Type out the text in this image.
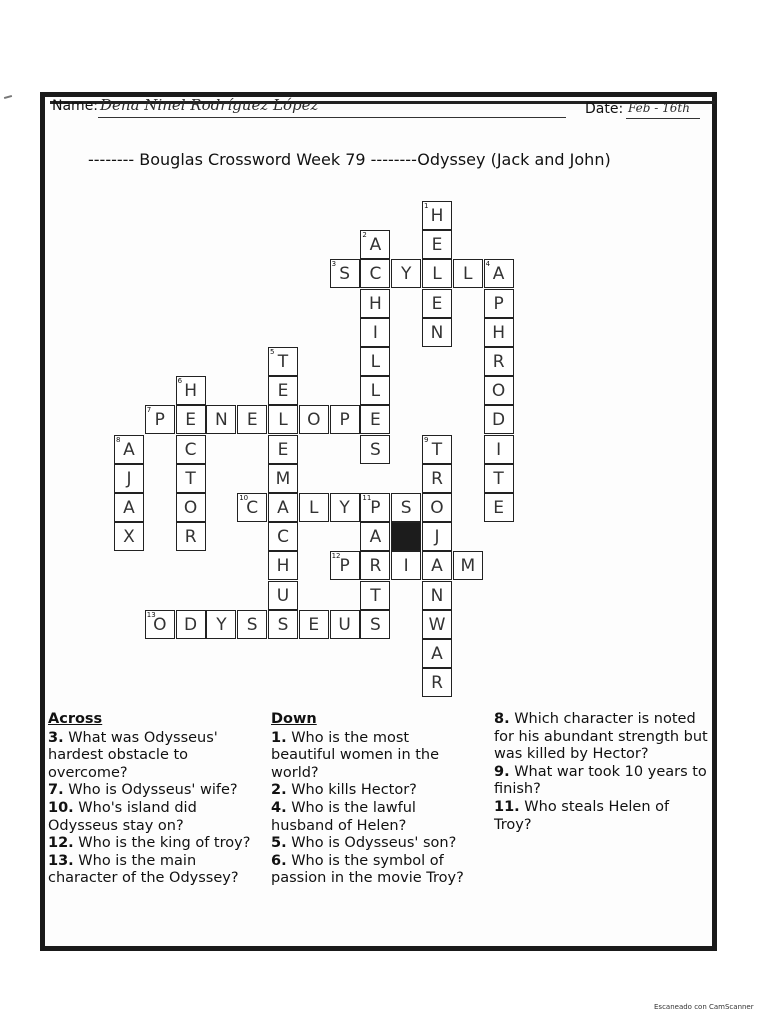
Name: Dena Ninel Rodríguez López	Date: Feb - 16th
-------- Bouglas Crossword Week 79 --------Odyssey (Jack and John)
1 H
2 A	E
3 S	C	Y	L	L	4 A
H	E	P
I	N	H
5 T	L	R
6 H	E	L	O
7 P	E	N	E	L	O	P	E	D
8 A	C	E	S	9 T	I
J	T	M	R	T
A	O	10
C	A	L	Y	11
P	S	O	E
X	R	C	A	J
H	12
P	R	I	A	M
U	T	N
13
O	D	Y	S	S	E	U	S	W
A
R
Across
3. What was Odysseus' hardest obstacle to overcome?
7. Who is Odysseus' wife?
10. Who's island did Odysseus stay on?
12. Who is the king of troy?
13. Who is the main character of the Odyssey?
Down
1. Who is the most beautiful women in the world?
2. Who kills Hector?
4. Who is the lawful husband of Helen?
5. Who is Odysseus' son?
6. Who is the symbol of passion in the movie Troy?
8. Which character is noted for his abundant strength but was killed by Hector?
9. What war took 10 years to finish?
11. Who steals Helen of Troy?
Escaneado con CamScanner
